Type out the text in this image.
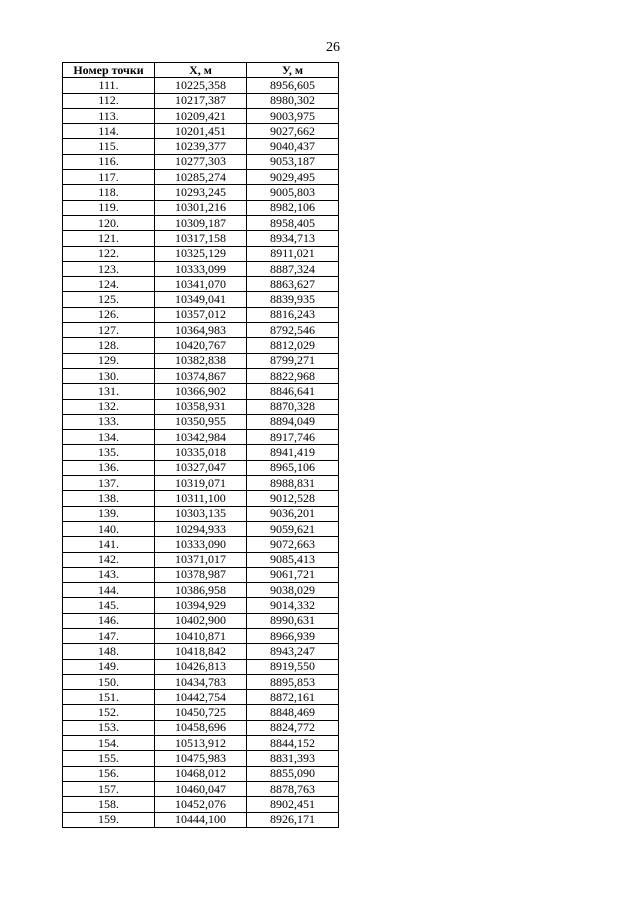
26
Номер точки	Х, м	У, м
111.	10225,358	8956,605
112.	10217,387	8980,302
113.	10209,421	9003,975
114.	10201,451	9027,662
115.	10239,377	9040,437
116.	10277,303	9053,187
117.	10285,274	9029,495
118.	10293,245	9005,803
119.	10301,216	8982,106
120.	10309,187	8958,405
121.	10317,158	8934,713
122.	10325,129	8911,021
123.	10333,099	8887,324
124.	10341,070	8863,627
125.	10349,041	8839,935
126.	10357,012	8816,243
127.	10364,983	8792,546
128.	10420,767	8812,029
129.	10382,838	8799,271
130.	10374,867	8822,968
131.	10366,902	8846,641
132.	10358,931	8870,328
133.	10350,955	8894,049
134.	10342,984	8917,746
135.	10335,018	8941,419
136.	10327,047	8965,106
137.	10319,071	8988,831
138.	10311,100	9012,528
139.	10303,135	9036,201
140.	10294,933	9059,621
141.	10333,090	9072,663
142.	10371,017	9085,413
143.	10378,987	9061,721
144.	10386,958	9038,029
145.	10394,929	9014,332
146.	10402,900	8990,631
147.	10410,871	8966,939
148.	10418,842	8943,247
149.	10426,813	8919,550
150.	10434,783	8895,853
151.	10442,754	8872,161
152.	10450,725	8848,469
153.	10458,696	8824,772
154.	10513,912	8844,152
155.	10475,983	8831,393
156.	10468,012	8855,090
157.	10460,047	8878,763
158.	10452,076	8902,451
159.	10444,100	8926,171
